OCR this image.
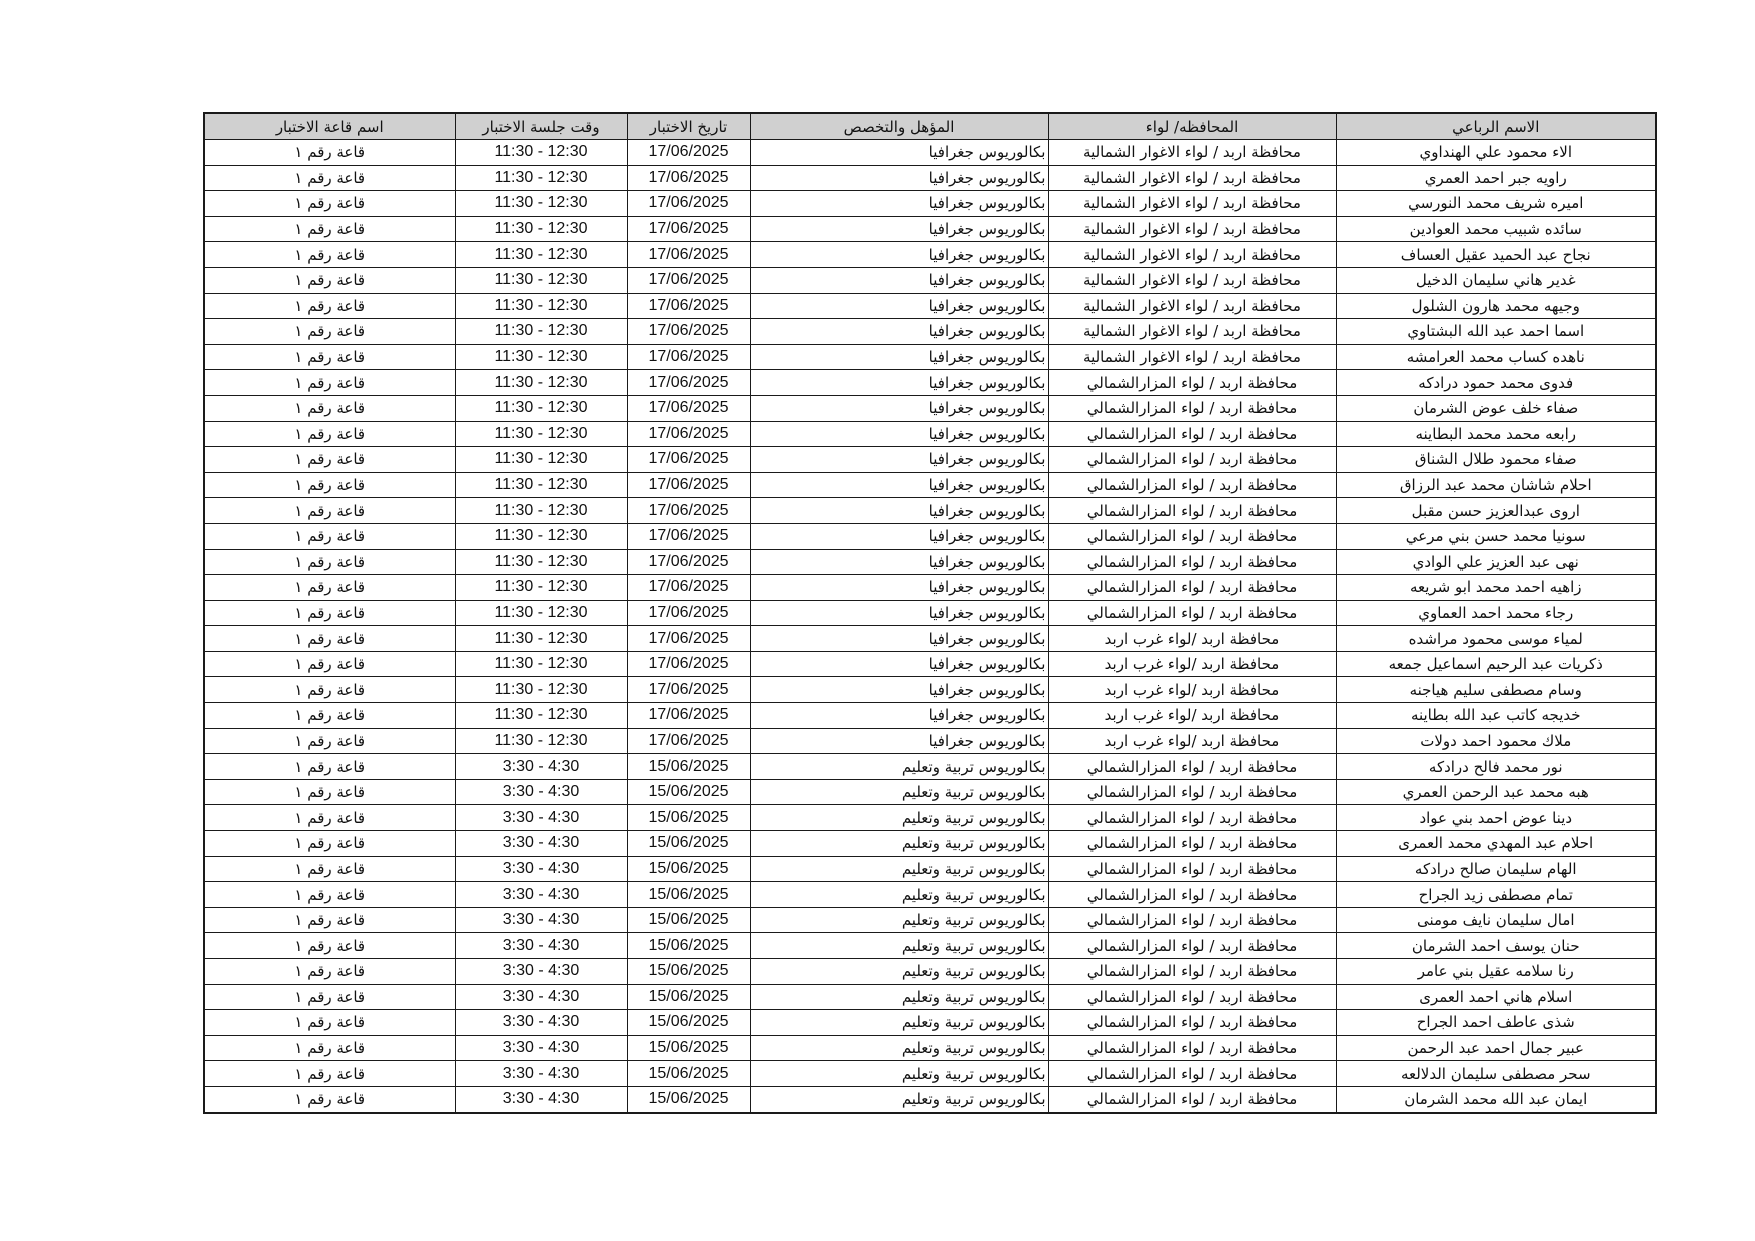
الاسم الرباعي	المحافظه/ لواء	المؤهل والتخصص	تاريخ الاختبار	وقت جلسة الاختبار	اسم قاعة الاختبار
الاء محمود علي الهنداوي	محافظة اربد / لواء الاغوار الشمالية	بكالوريوس جغرافيا	17/06/2025	11:30 - 12:30	قاعة رقم ١
راويه جبر احمد العمري	محافظة اربد / لواء الاغوار الشمالية	بكالوريوس جغرافيا	17/06/2025	11:30 - 12:30	قاعة رقم ١
اميره شريف محمد النورسي	محافظة اربد / لواء الاغوار الشمالية	بكالوريوس جغرافيا	17/06/2025	11:30 - 12:30	قاعة رقم ١
سائده شبيب محمد العوادين	محافظة اربد / لواء الاغوار الشمالية	بكالوريوس جغرافيا	17/06/2025	11:30 - 12:30	قاعة رقم ١
نجاح عبد الحميد عقيل العساف	محافظة اربد / لواء الاغوار الشمالية	بكالوريوس جغرافيا	17/06/2025	11:30 - 12:30	قاعة رقم ١
غدير هاني سليمان الدخيل	محافظة اربد / لواء الاغوار الشمالية	بكالوريوس جغرافيا	17/06/2025	11:30 - 12:30	قاعة رقم ١
وجيهه محمد هارون الشلول	محافظة اربد / لواء الاغوار الشمالية	بكالوريوس جغرافيا	17/06/2025	11:30 - 12:30	قاعة رقم ١
اسما احمد عبد الله البشتاوي	محافظة اربد / لواء الاغوار الشمالية	بكالوريوس جغرافيا	17/06/2025	11:30 - 12:30	قاعة رقم ١
ناهده كساب محمد العرامشه	محافظة اربد / لواء الاغوار الشمالية	بكالوريوس جغرافيا	17/06/2025	11:30 - 12:30	قاعة رقم ١
فدوى محمد حمود درادكه	محافظة اربد / لواء المزارالشمالي	بكالوريوس جغرافيا	17/06/2025	11:30 - 12:30	قاعة رقم ١
صفاء خلف عوض الشرمان	محافظة اربد / لواء المزارالشمالي	بكالوريوس جغرافيا	17/06/2025	11:30 - 12:30	قاعة رقم ١
رابعه محمد محمد البطاينه	محافظة اربد / لواء المزارالشمالي	بكالوريوس جغرافيا	17/06/2025	11:30 - 12:30	قاعة رقم ١
صفاء محمود طلال الشناق	محافظة اربد / لواء المزارالشمالي	بكالوريوس جغرافيا	17/06/2025	11:30 - 12:30	قاعة رقم ١
احلام شاشان محمد عبد الرزاق	محافظة اربد / لواء المزارالشمالي	بكالوريوس جغرافيا	17/06/2025	11:30 - 12:30	قاعة رقم ١
اروى عبدالعزيز حسن مقبل	محافظة اربد / لواء المزارالشمالي	بكالوريوس جغرافيا	17/06/2025	11:30 - 12:30	قاعة رقم ١
سونيا محمد حسن بني مرعي	محافظة اربد / لواء المزارالشمالي	بكالوريوس جغرافيا	17/06/2025	11:30 - 12:30	قاعة رقم ١
نهى عبد العزيز علي الوادي	محافظة اربد / لواء المزارالشمالي	بكالوريوس جغرافيا	17/06/2025	11:30 - 12:30	قاعة رقم ١
زاهيه احمد محمد ابو شريعه	محافظة اربد / لواء المزارالشمالي	بكالوريوس جغرافيا	17/06/2025	11:30 - 12:30	قاعة رقم ١
رجاء محمد احمد العماوي	محافظة اربد / لواء المزارالشمالي	بكالوريوس جغرافيا	17/06/2025	11:30 - 12:30	قاعة رقم ١
لمياء موسى محمود مراشده	محافظة اربد /لواء غرب اربد	بكالوريوس جغرافيا	17/06/2025	11:30 - 12:30	قاعة رقم ١
ذكريات عبد الرحيم اسماعيل جمعه	محافظة اربد /لواء غرب اربد	بكالوريوس جغرافيا	17/06/2025	11:30 - 12:30	قاعة رقم ١
وسام مصطفى سليم هياجنه	محافظة اربد /لواء غرب اربد	بكالوريوس جغرافيا	17/06/2025	11:30 - 12:30	قاعة رقم ١
خديجه كاتب عبد الله بطاينه	محافظة اربد /لواء غرب اربد	بكالوريوس جغرافيا	17/06/2025	11:30 - 12:30	قاعة رقم ١
ملاك محمود احمد دولات	محافظة اربد /لواء غرب اربد	بكالوريوس جغرافيا	17/06/2025	11:30 - 12:30	قاعة رقم ١
نور محمد فالح درادكه	محافظة اربد / لواء المزارالشمالي	بكالوريوس تربية وتعليم	15/06/2025	3:30 - 4:30	قاعة رقم ١
هبه محمد عبد الرحمن العمري	محافظة اربد / لواء المزارالشمالي	بكالوريوس تربية وتعليم	15/06/2025	3:30 - 4:30	قاعة رقم ١
دينا عوض احمد بني عواد	محافظة اربد / لواء المزارالشمالي	بكالوريوس تربية وتعليم	15/06/2025	3:30 - 4:30	قاعة رقم ١
احلام عبد المهدي محمد العمرى	محافظة اربد / لواء المزارالشمالي	بكالوريوس تربية وتعليم	15/06/2025	3:30 - 4:30	قاعة رقم ١
الهام سليمان صالح درادكه	محافظة اربد / لواء المزارالشمالي	بكالوريوس تربية وتعليم	15/06/2025	3:30 - 4:30	قاعة رقم ١
تمام مصطفى زيد الجراح	محافظة اربد / لواء المزارالشمالي	بكالوريوس تربية وتعليم	15/06/2025	3:30 - 4:30	قاعة رقم ١
امال سليمان نايف مومنى	محافظة اربد / لواء المزارالشمالي	بكالوريوس تربية وتعليم	15/06/2025	3:30 - 4:30	قاعة رقم ١
حنان يوسف احمد الشرمان	محافظة اربد / لواء المزارالشمالي	بكالوريوس تربية وتعليم	15/06/2025	3:30 - 4:30	قاعة رقم ١
رنا سلامه عقيل بني عامر	محافظة اربد / لواء المزارالشمالي	بكالوريوس تربية وتعليم	15/06/2025	3:30 - 4:30	قاعة رقم ١
اسلام هاني احمد العمرى	محافظة اربد / لواء المزارالشمالي	بكالوريوس تربية وتعليم	15/06/2025	3:30 - 4:30	قاعة رقم ١
شذى عاطف احمد الجراح	محافظة اربد / لواء المزارالشمالي	بكالوريوس تربية وتعليم	15/06/2025	3:30 - 4:30	قاعة رقم ١
عبير جمال احمد عبد الرحمن	محافظة اربد / لواء المزارالشمالي	بكالوريوس تربية وتعليم	15/06/2025	3:30 - 4:30	قاعة رقم ١
سحر مصطفى سليمان الدلالعه	محافظة اربد / لواء المزارالشمالي	بكالوريوس تربية وتعليم	15/06/2025	3:30 - 4:30	قاعة رقم ١
ايمان عبد الله محمد الشرمان	محافظة اربد / لواء المزارالشمالي	بكالوريوس تربية وتعليم	15/06/2025	3:30 - 4:30	قاعة رقم ١
